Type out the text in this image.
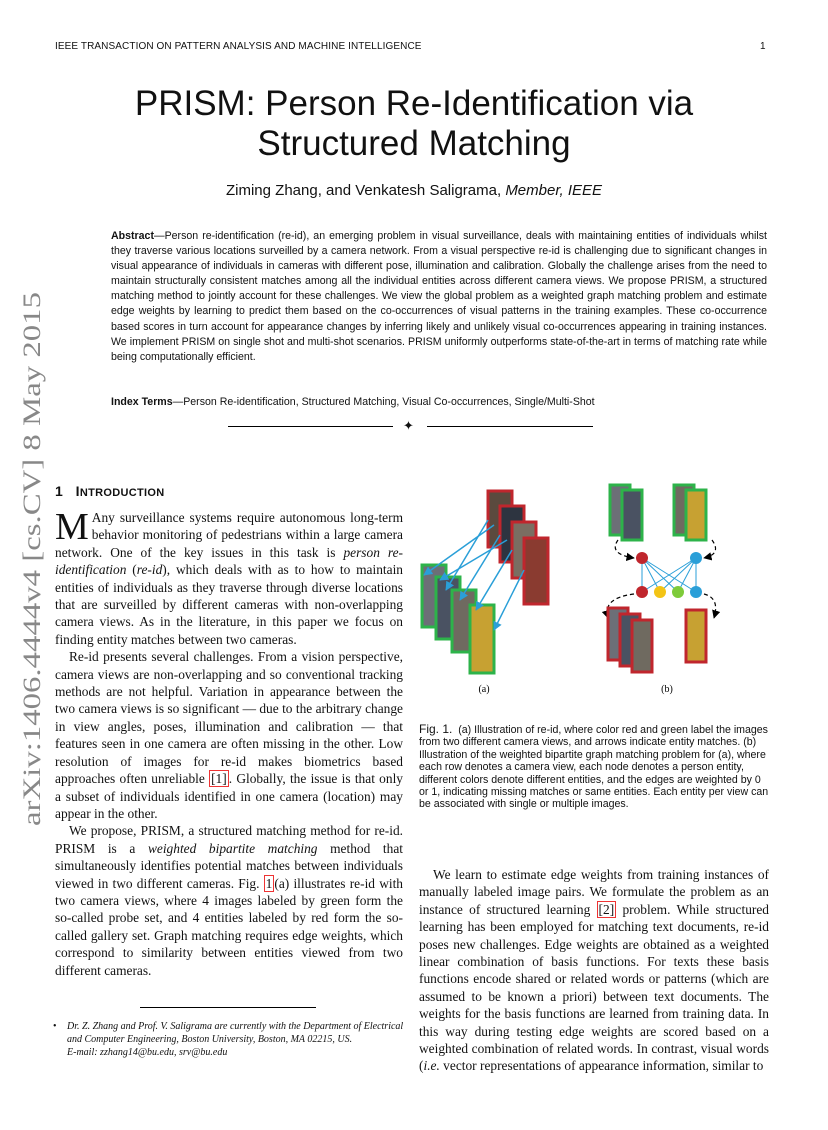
IEEE TRANSACTION ON PATTERN ANALYSIS AND MACHINE INTELLIGENCE	1
PRISM: Person Re-Identification via
Structured Matching
Ziming Zhang, and Venkatesh Saligrama, Member, IEEE
Abstract—Person re-identification (re-id), an emerging problem in visual surveillance, deals with maintaining entities of individuals whilst they traverse various locations surveilled by a camera network. From a visual perspective re-id is challenging due to significant changes in visual appearance of individuals in cameras with different pose, illumination and calibration. Globally the challenge arises from the need to maintain structurally consistent matches among all the individual entities across different camera views. We propose PRISM, a structured matching method to jointly account for these challenges. We view the global problem as a weighted graph matching problem and estimate edge weights by learning to predict them based on the co-occurrences of visual patterns in the training examples. These co-occurrence based scores in turn account for appearance changes by inferring likely and unlikely visual co-occurrences appearing in training instances. We implement PRISM on single shot and multi-shot scenarios. PRISM uniformly outperforms state-of-the-art in terms of matching rate while being computationally efficient.
Index Terms—Person Re-identification, Structured Matching, Visual Co-occurrences, Single/Multi-Shot
✦
arXiv:1406.4444v4 [cs.CV] 8 May 2015 1 INTRODUCTION

M Any surveillance systems require autonomous long-term behavior monitoring of pedestrians within a large camera network. One of the key issues in this task is person re-identification (re-id), which deals with as to how to maintain entities of individuals as they traverse through diverse locations that are surveilled by different cameras with non-overlapping camera views. As in the literature, in this paper we focus on finding entity matches between two cameras.

Re-id presents several challenges. From a vision perspective, camera views are non-overlapping and so conventional tracking methods are not helpful. Variation in appearance between the two camera views is so significant — due to the arbitrary change in view angles, poses, illumination and calibration — that features seen in one camera are often missing in the other. Low resolution of images for re-id makes biometrics based approaches often unreliable [1] . Globally, the issue is that only a subset of individuals identified in one camera (location) may appear in the other.

We propose, PRISM, a structured matching method for re-id. PRISM is a weighted bipartite matching method that simultaneously identifies potential matches between individuals viewed in two different cameras. Fig. 1 (a) illustrates re-id with two camera views, where 4 images labeled by green form the so-called probe set, and 4 entities labeled by red form the so-called gallery set. Graph matching requires edge weights, which correspond to similarity between entities viewed from two different cameras.

• Dr. Z. Zhang and Prof. V. Saligrama are currently with the Department of Electrical and Computer Engineering, Boston University, Boston, MA 02215, US.
E-mail: zzhang14@bu.edu, srv@bu.edu
(a)	(b)
Fig. 1. (a) Illustration of re-id, where color red and green label the images from two different camera views, and arrows indicate entity matches. (b) Illustration of the weighted bipartite graph matching problem for (a), where each row denotes a camera view, each node denotes a person entity, different colors denote different entities, and the edges are weighted by 0 or 1, indicating missing matches or same entities. Each entity per view can be associated with single or multiple images.

We learn to estimate edge weights from training instances of manually labeled image pairs. We formulate the problem as an instance of structured learning [2] problem. While structured learning has been employed for matching text documents, re-id poses new challenges. Edge weights are obtained as a weighted linear combination of basis functions. For texts these basis functions encode shared or related words or patterns (which are assumed to be known a priori) between text documents. The weights for the basis functions are learned from training data. In this way during testing edge weights are scored based on a weighted combination of related words. In contrast, visual words (i.e. vector representations of appearance information, similar to
